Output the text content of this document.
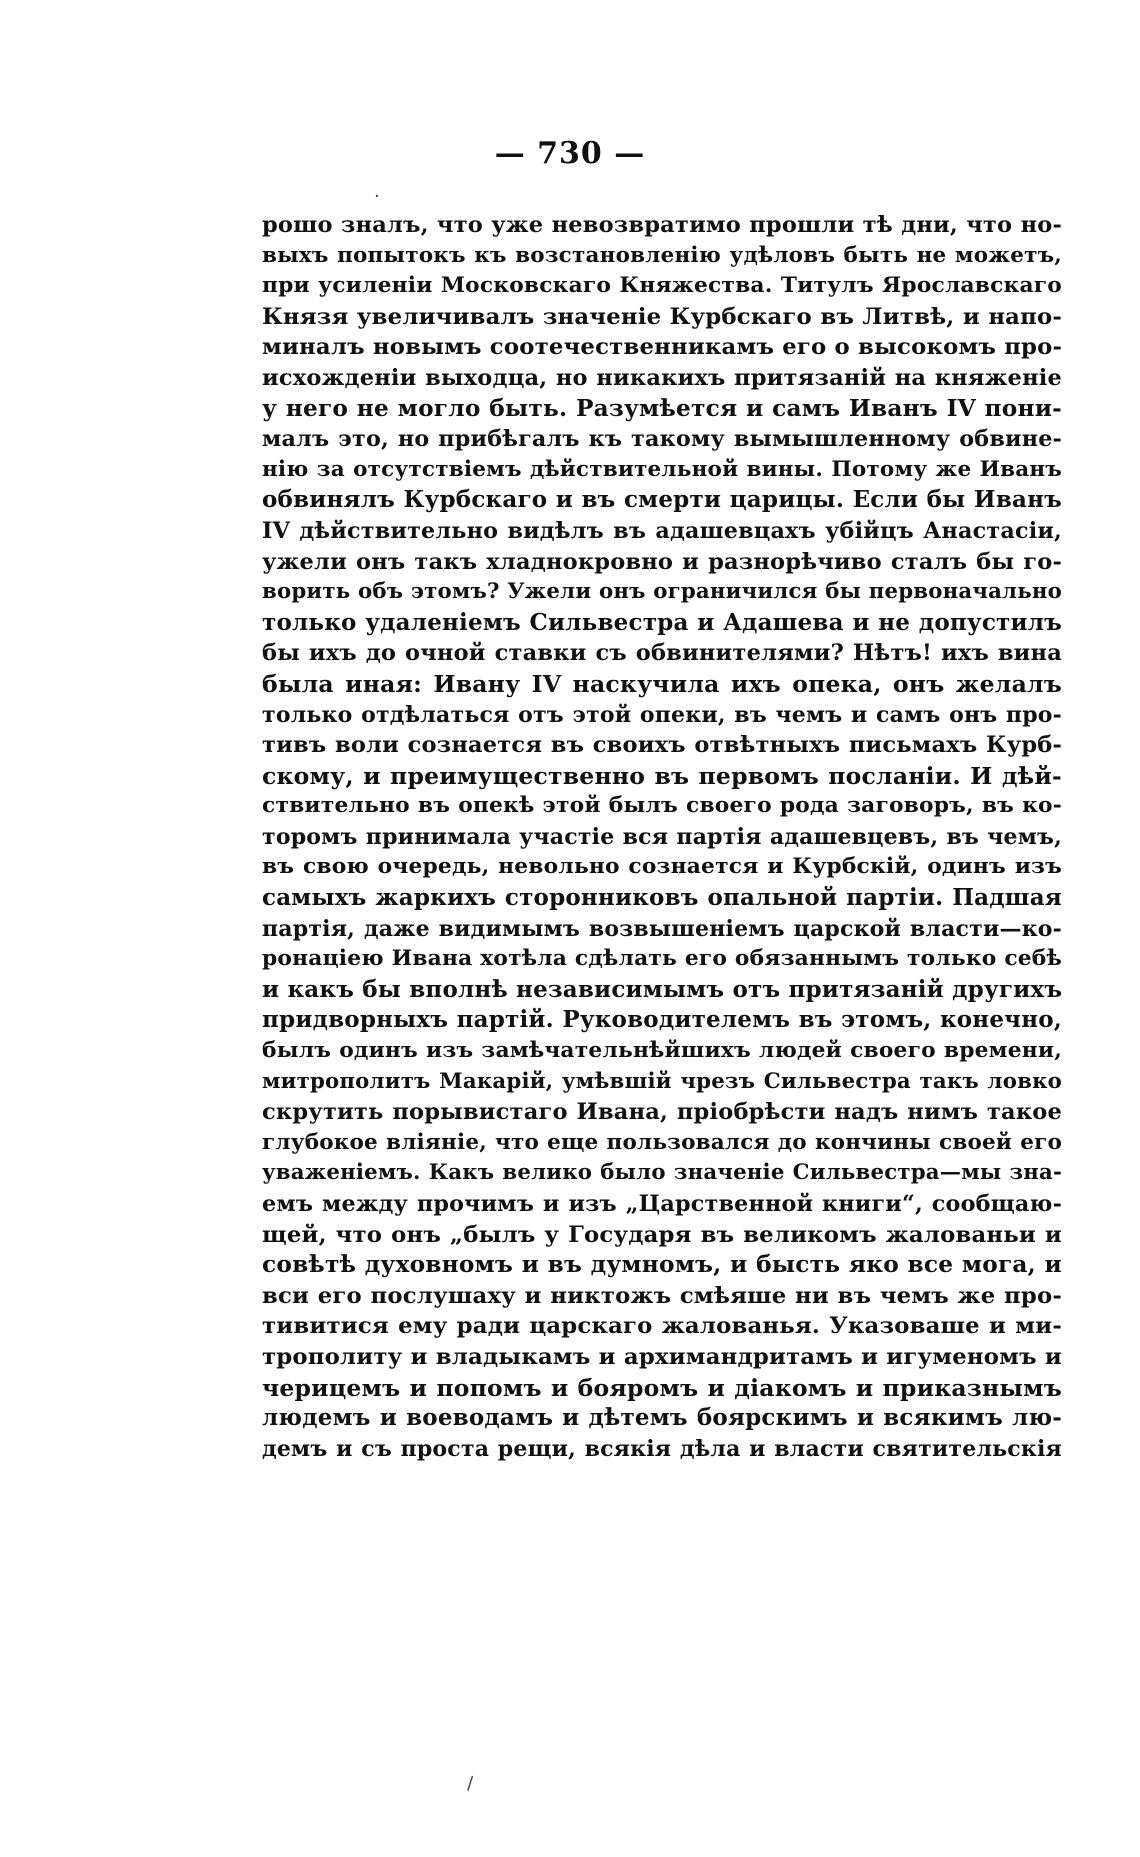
— 730 —
·
рошо зналъ, что уже невозвратимо прошли тѣ дни, что но-
выхъ попытокъ къ возстановленію удѣловъ быть не можетъ,
при усиленіи Московскаго Княжества. Титулъ Ярославскаго
Князя увеличивалъ значеніе Курбскаго въ Литвѣ, и напо-
миналъ новымъ соотечественникамъ его о высокомъ про-
исхожденіи выходца, но никакихъ притязаній на княженіе
у него не могло быть. Разумѣется и самъ Иванъ IV пони-
малъ это, но прибѣгалъ къ такому вымышленному обвине-
нію за отсутствіемъ дѣйствительной вины. Потому же Иванъ
обвинялъ Курбскаго и въ смерти царицы. Если бы Иванъ
IV дѣйствительно видѣлъ въ адашевцахъ убійцъ Анастасіи,
ужели онъ такъ хладнокровно и разнорѣчиво сталъ бы го-
ворить объ этомъ? Ужели онъ ограничился бы первоначально
только удаленіемъ Сильвестра и Адашева и не допустилъ
бы ихъ до очной ставки съ обвинителями? Нѣтъ! ихъ вина
была иная: Ивану IV наскучила ихъ опека, онъ желалъ
только отдѣлаться отъ этой опеки, въ чемъ и самъ онъ про-
тивъ воли сознается въ своихъ отвѣтныхъ письмахъ Курб-
скому, и преимущественно въ первомъ посланіи. И дѣй-
ствительно въ опекѣ этой былъ своего рода заговоръ, въ ко-
торомъ принимала участіе вся партія адашевцевъ, въ чемъ,
въ свою очередь, невольно сознается и Курбскій, одинъ изъ
самыхъ жаркихъ сторонниковъ опальной партіи. Падшая
партія, даже видимымъ возвышеніемъ царской власти—ко-
ронаціею Ивана хотѣла сдѣлать его обязаннымъ только себѣ
и какъ бы вполнѣ независимымъ отъ притязаній другихъ
придворныхъ партій. Руководителемъ въ этомъ, конечно,
былъ одинъ изъ замѣчательнѣйшихъ людей своего времени,
митрополитъ Макарій, умѣвшій чрезъ Сильвестра такъ ловко
скрутить порывистаго Ивана, пріобрѣсти надъ нимъ такое
глубокое вліяніе, что еще пользовался до кончины своей его
уваженіемъ. Какъ велико было значеніе Сильвестра—мы зна-
емъ между прочимъ и изъ „Царственной книги“, сообщаю-
щей, что онъ „былъ у Государя въ великомъ жалованьи и
совѣтѣ духовномъ и въ думномъ, и бысть яко все мога, и
вси его послушаху и никтожъ смѣяше ни въ чемъ же про-
тивитися ему ради царскаго жалованья. Указоваше и ми-
трополиту и владыкамъ и архимандритамъ и игуменомъ и
черицемъ и попомъ и бояромъ и діакомъ и приказнымъ
людемъ и воеводамъ и дѣтемъ боярскимъ и всякимъ лю-
демъ и съ проста рещи, всякія дѣла и власти святительскія
\
